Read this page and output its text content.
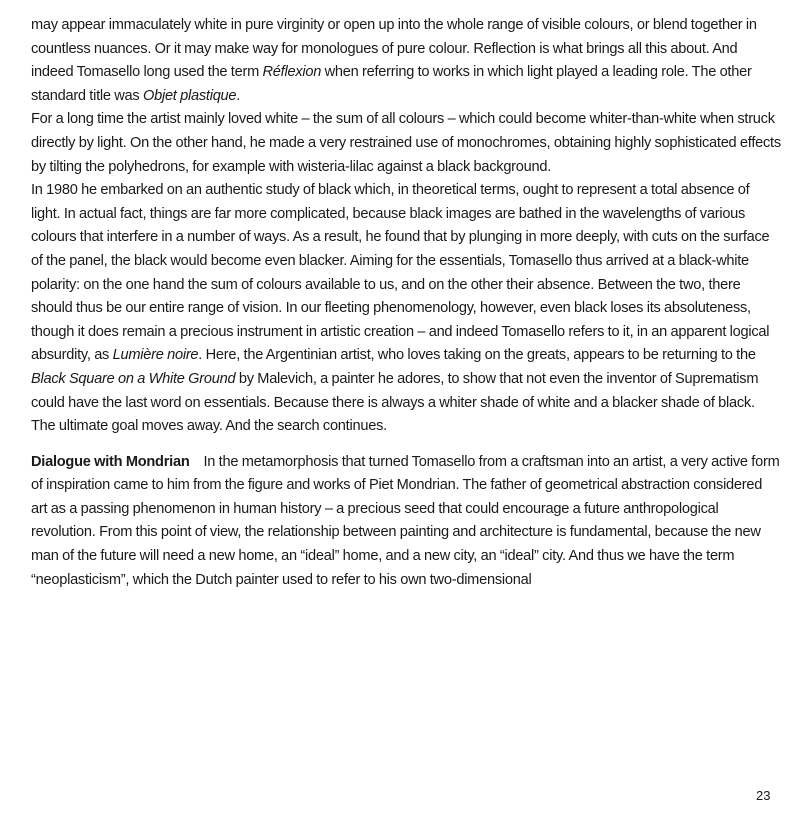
may appear immaculately white in pure virginity or open up into the whole range of visible colours, or blend together in countless nuances. Or it may make way for monologues of pure colour. Reflection is what brings all this about. And indeed Tomasello long used the term Réflexion when referring to works in which light played a leading role. The other standard title was Objet plastique.

For a long time the artist mainly loved white – the sum of all colours – which could become whiter-than-white when struck directly by light. On the other hand, he made a very restrained use of monochromes, obtaining highly sophisticated effects by tilting the polyhedrons, for example with wisteria-lilac against a black background.

In 1980 he embarked on an authentic study of black which, in theoretical terms, ought to represent a total absence of light. In actual fact, things are far more complicated, because black images are bathed in the wavelengths of various colours that interfere in a number of ways. As a result, he found that by plunging in more deeply, with cuts on the surface of the panel, the black would become even blacker. Aiming for the essentials, Tomasello thus arrived at a black-white polarity: on the one hand the sum of colours available to us, and on the other their absence. Between the two, there should thus be our entire range of vision. In our fleeting phenomenology, however, even black loses its absoluteness, though it does remain a precious instrument in artistic creation – and indeed Tomasello refers to it, in an apparent logical absurdity, as Lumière noire. Here, the Argentinian artist, who loves taking on the greats, appears to be returning to the Black Square on a White Ground by Malevich, a painter he adores, to show that not even the inventor of Suprematism could have the last word on essentials. Because there is always a whiter shade of white and a blacker shade of black. The ultimate goal moves away. And the search continues.

Dialogue with Mondrian In the metamorphosis that turned Tomasello from a craftsman into an artist, a very active form of inspiration came to him from the figure and works of Piet Mondrian. The father of geometrical abstraction considered art as a passing phenomenon in human history – a precious seed that could encourage a future anthropological revolution. From this point of view, the relationship between painting and architecture is fundamental, because the new man of the future will need a new home, an “ideal” home, and a new city, an “ideal” city. And thus we have the term “neoplasticism”, which the Dutch painter used to refer to his own two-dimensional

23
